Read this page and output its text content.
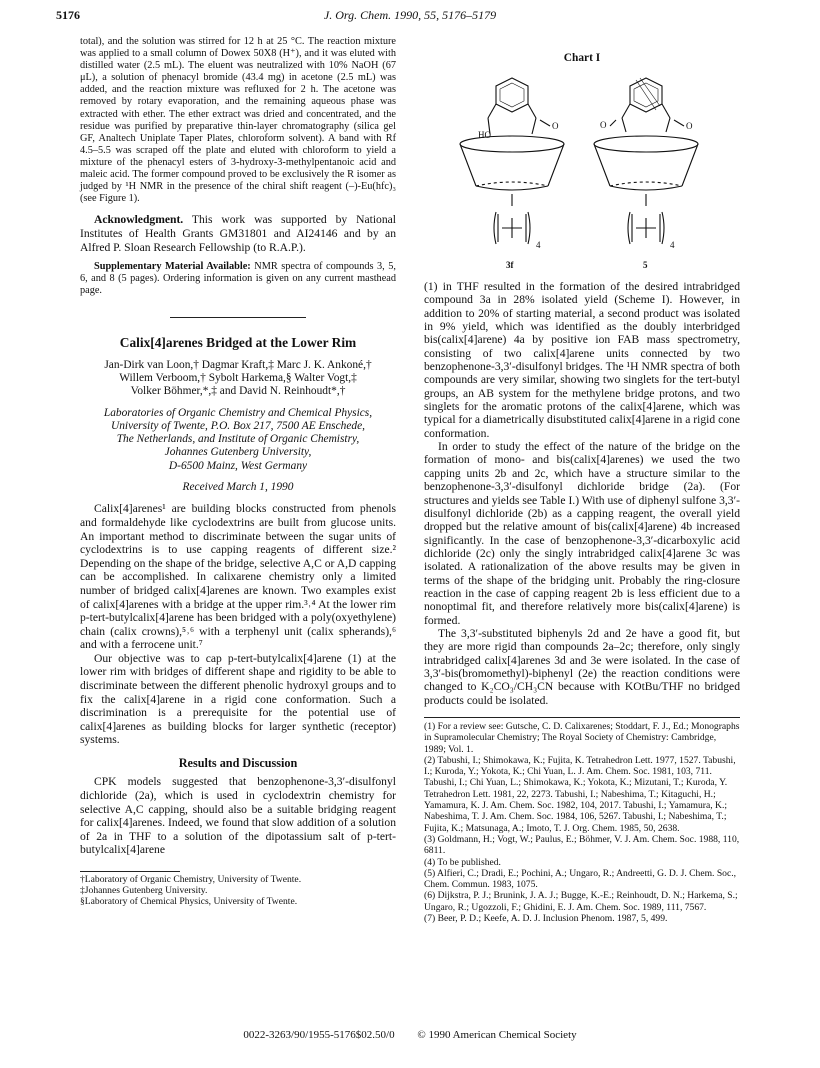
5176	J. Org. Chem. 1990, 55, 5176–5179

total), and the solution was stirred for 12 h at 25 °C. The reaction mixture was applied to a small column of Dowex 50X8 (H⁺), and it was eluted with distilled water (2.5 mL). The eluent was neutralized with 10% NaOH (67 μL), a solution of phenacyl bromide (43.4 mg) in acetone (2.5 mL) was added, and the reaction mixture was refluxed for 2 h. The acetone was removed by rotary evaporation, and the remaining aqueous phase was extracted with ether. The ether extract was dried and concentrated, and the residue was purified by preparative thin-layer chromatography (silica gel GF, Analtech Uniplate Taper Plates, chloroform solvent). A band with Rf 4.5–5.5 was scraped off the plate and eluted with chloroform to yield a mixture of the phenacyl esters of 3-hydroxy-3-methylpentanoic acid and maleic acid. The former compound proved to be exclusively the R isomer as judged by ¹H NMR in the presence of the chiral shift reagent (–)-Eu(hfc)₃ (see Figure 1).

Acknowledgment. This work was supported by National Institutes of Health Grants GM31801 and AI24146 and by an Alfred P. Sloan Research Fellowship (to R.A.P.).

Supplementary Material Available: NMR spectra of compounds 3, 5, 6, and 8 (5 pages). Ordering information is given on any current masthead page.

Calix[4]arenes Bridged at the Lower Rim
Jan-Dirk van Loon,† Dagmar Kraft,‡ Marc J. K. Ankoné,†
Willem Verboom,† Sybolt Harkema,§ Walter Vogt,‡
Volker Böhmer,*,‡ and David N. Reinhoudt*,†
Laboratories of Organic Chemistry and Chemical Physics,
University of Twente, P.O. Box 217, 7500 AE Enschede,
The Netherlands, and Institute of Organic Chemistry,
Johannes Gutenberg University,
D-6500 Mainz, West Germany
Received March 1, 1990

Calix[4]arenes¹ are building blocks constructed from phenols and formaldehyde like cyclodextrins are built from glucose units. An important method to discriminate between the sugar units of cyclodextrins is to use capping reagents of different size.² Depending on the shape of the bridge, selective A,C or A,D capping can be accomplished. In calixarene chemistry only a limited number of bridged calix[4]arenes are known. Two examples exist of calix[4]arenes with a bridge at the upper rim.³˒⁴ At the lower rim p-tert-butylcalix[4]arene has been bridged with a poly(oxyethylene) chain (calix crowns),⁵˒⁶ with a terphenyl unit (calix spherands),⁶ and with a ferrocene unit.⁷

Our objective was to cap p-tert-butylcalix[4]arene (1) at the lower rim with bridges of different shape and rigidity to be able to discriminate between the different phenolic hydroxyl groups and to fix the calix[4]arene in a rigid cone conformation. Such a discrimination is a prerequisite for the potential use of calix[4]arenes as building blocks for larger synthetic (receptor) systems.

Results and Discussion

CPK models suggested that benzophenone-3,3′-disulfonyl dichloride (2a), which is used in cyclodextrin chemistry for selective A,C capping, should also be a suitable bridging reagent for calix[4]arenes. Indeed, we found that slow addition of a solution of 2a in THF to a solution of the dipotassium salt of p-tert-butylcalix[4]arene

†Laboratory of Organic Chemistry, University of Twente.
‡Johannes Gutenberg University.
§Laboratory of Chemical Physics, University of Twente.
Chart I
HO
O	O	O
4	4
3f	5

(1) in THF resulted in the formation of the desired intrabridged compound 3a in 28% isolated yield (Scheme I). However, in addition to 20% of starting material, a second product was isolated in 9% yield, which was identified as the doubly interbridged bis(calix[4]arene) 4a by positive ion FAB mass spectrometry, consisting of two calix[4]arene units connected by two benzophenone-3,3′-disulfonyl bridges. The ¹H NMR spectra of both compounds are very similar, showing two singlets for the tert-butyl groups, an AB system for the methylene bridge protons, and two singlets for the aromatic protons of the calix[4]arene, which was typical for a diametrically disubstituted calix[4]arene in a rigid cone conformation.

In order to study the effect of the nature of the bridge on the formation of mono- and bis(calix[4]arenes) we used the two capping units 2b and 2c, which have a structure similar to the benzophenone-3,3′-disulfonyl dichloride bridge (2a). (For structures and yields see Table I.) With use of diphenyl sulfone 3,3′-disulfonyl dichloride (2b) as a capping reagent, the overall yield dropped but the relative amount of bis(calix[4]arene) 4b increased significantly. In the case of benzophenone-3,3′-dicarboxylic acid dichloride (2c) only the singly intrabridged calix[4]arene 3c was isolated. A rationalization of the above results may be given in terms of the shape of the bridging unit. Probably the ring-closure reaction in the case of capping reagent 2b is less efficient due to a nonoptimal fit, and therefore relatively more bis(calix[4]arene) is formed.

The 3,3′-substituted biphenyls 2d and 2e have a good fit, but they are more rigid than compounds 2a–2c; therefore, only singly intrabridged calix[4]arenes 3d and 3e were isolated. In the case of 3,3′-bis(bromomethyl)-biphenyl (2e) the reaction conditions were changed to K₂CO₃/CH₃CN because with KOtBu/THF no bridged products could be isolated.

(1) For a review see: Gutsche, C. D. Calixarenes; Stoddart, F. J., Ed.; Monographs in Supramolecular Chemistry; The Royal Society of Chemistry: Cambridge, 1989; Vol. 1.
(2) Tabushi, I.; Shimokawa, K.; Fujita, K. Tetrahedron Lett. 1977, 1527. Tabushi, I.; Kuroda, Y.; Yokota, K.; Chi Yuan, L. J. Am. Chem. Soc. 1981, 103, 711. Tabushi, I.; Chi Yuan, L.; Shimokawa, K.; Yokota, K.; Mizutani, T.; Kuroda, Y. Tetrahedron Lett. 1981, 22, 2273. Tabushi, I.; Nabeshima, T.; Kitaguchi, H.; Yamamura, K. J. Am. Chem. Soc. 1982, 104, 2017. Tabushi, I.; Yamamura, K.; Nabeshima, T. J. Am. Chem. Soc. 1984, 106, 5267. Tabushi, I.; Nabeshima, T.; Fujita, K.; Matsunaga, A.; Imoto, T. J. Org. Chem. 1985, 50, 2638.
(3) Goldmann, H.; Vogt, W.; Paulus, E.; Böhmer, V. J. Am. Chem. Soc. 1988, 110, 6811.
(4) To be published.
(5) Alfieri, C.; Dradi, E.; Pochini, A.; Ungaro, R.; Andreetti, G. D. J. Chem. Soc., Chem. Commun. 1983, 1075.
(6) Dijkstra, P. J.; Brunink, J. A. J.; Bugge, K.-E.; Reinhoudt, D. N.; Harkema, S.; Ungaro, R.; Ugozzoli, F.; Ghidini, E. J. Am. Chem. Soc. 1989, 111, 7567.
(7) Beer, P. D.; Keefe, A. D. J. Inclusion Phenom. 1987, 5, 499.
0022-3263/90/1955-5176$02.50/0 © 1990 American Chemical Society
